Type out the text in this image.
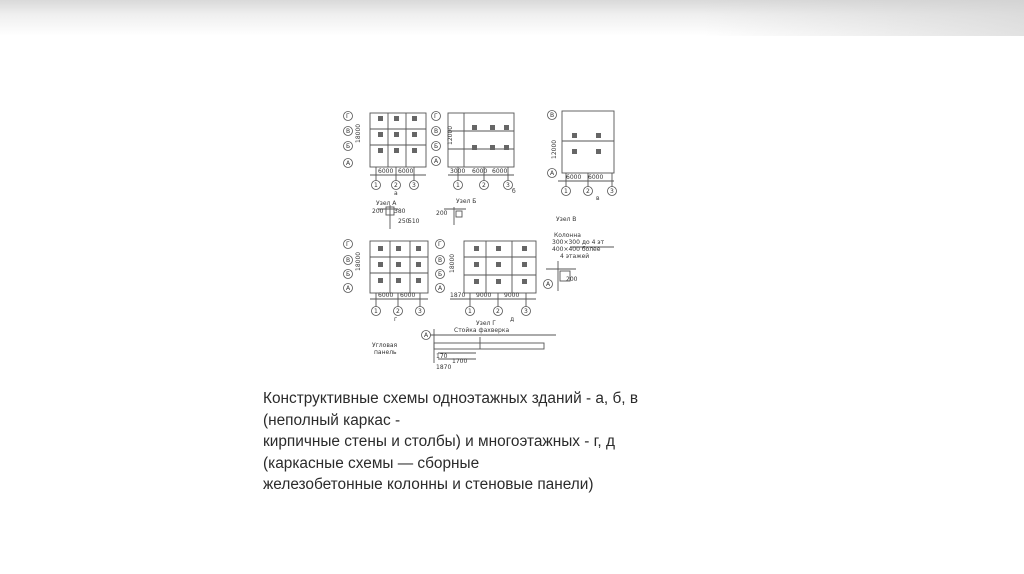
Г
В
Б
А
Г
В
Б
А
В
А
Г
В
Б
А
Г
В
Б
А
А
А
1	2 3	1	2	3
1	2	3
1	2	3	1	2	3
6000 6000	3000 6000 6000
6000 6000
6000 6000	1870 9000 9000
18000	12000
12000
18000	18000
200 380
250
510
200
1700
1870
170
200
а	б
в
г	д
Узел А	Узел Б
Узел В
Узел Г
Колонна
300×300 до 4 эт
400×400 более
4 этажей
Стойка фахверка
Угловая
панель
Конструктивные схемы одноэтажных зданий - а, б, в
(неполный каркас -
кирпичные стены и столбы) и многоэтажных - г, д
(каркасные схемы — сборные
железобетонные колонны и стеновые панели)
